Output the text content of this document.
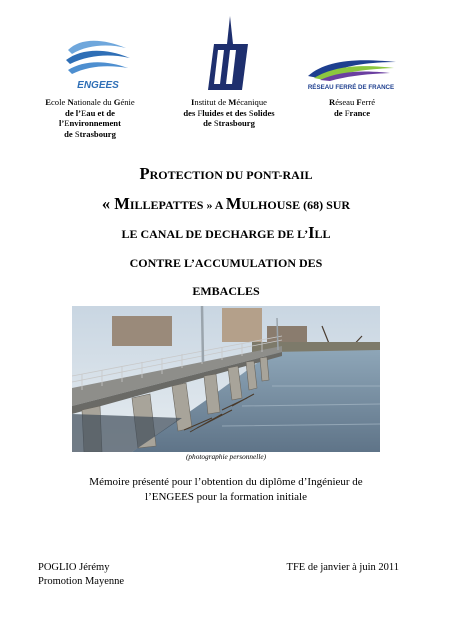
ENGEES	RÉSEAU FERRÉ DE FRANCE
Ecole Nationale du Génie
de l’Eau et de
l’Environnement
de Strasbourg
Institut de Mécanique
des Fluides et des Solides
de Strasbourg
Réseau Ferré
de France
PROTECTION DU PONT-RAIL
« MILLEPATTES » A MULHOUSE (68) SUR
LE CANAL DE DECHARGE DE L’ILL
CONTRE L’ACCUMULATION DES
EMBACLES
(photographie personnelle)
Mémoire présenté pour l’obtention du diplôme d’Ingénieur de
l’ENGEES pour la formation initiale
POGLIO Jérémy
Promotion Mayenne
TFE de janvier à juin 2011
